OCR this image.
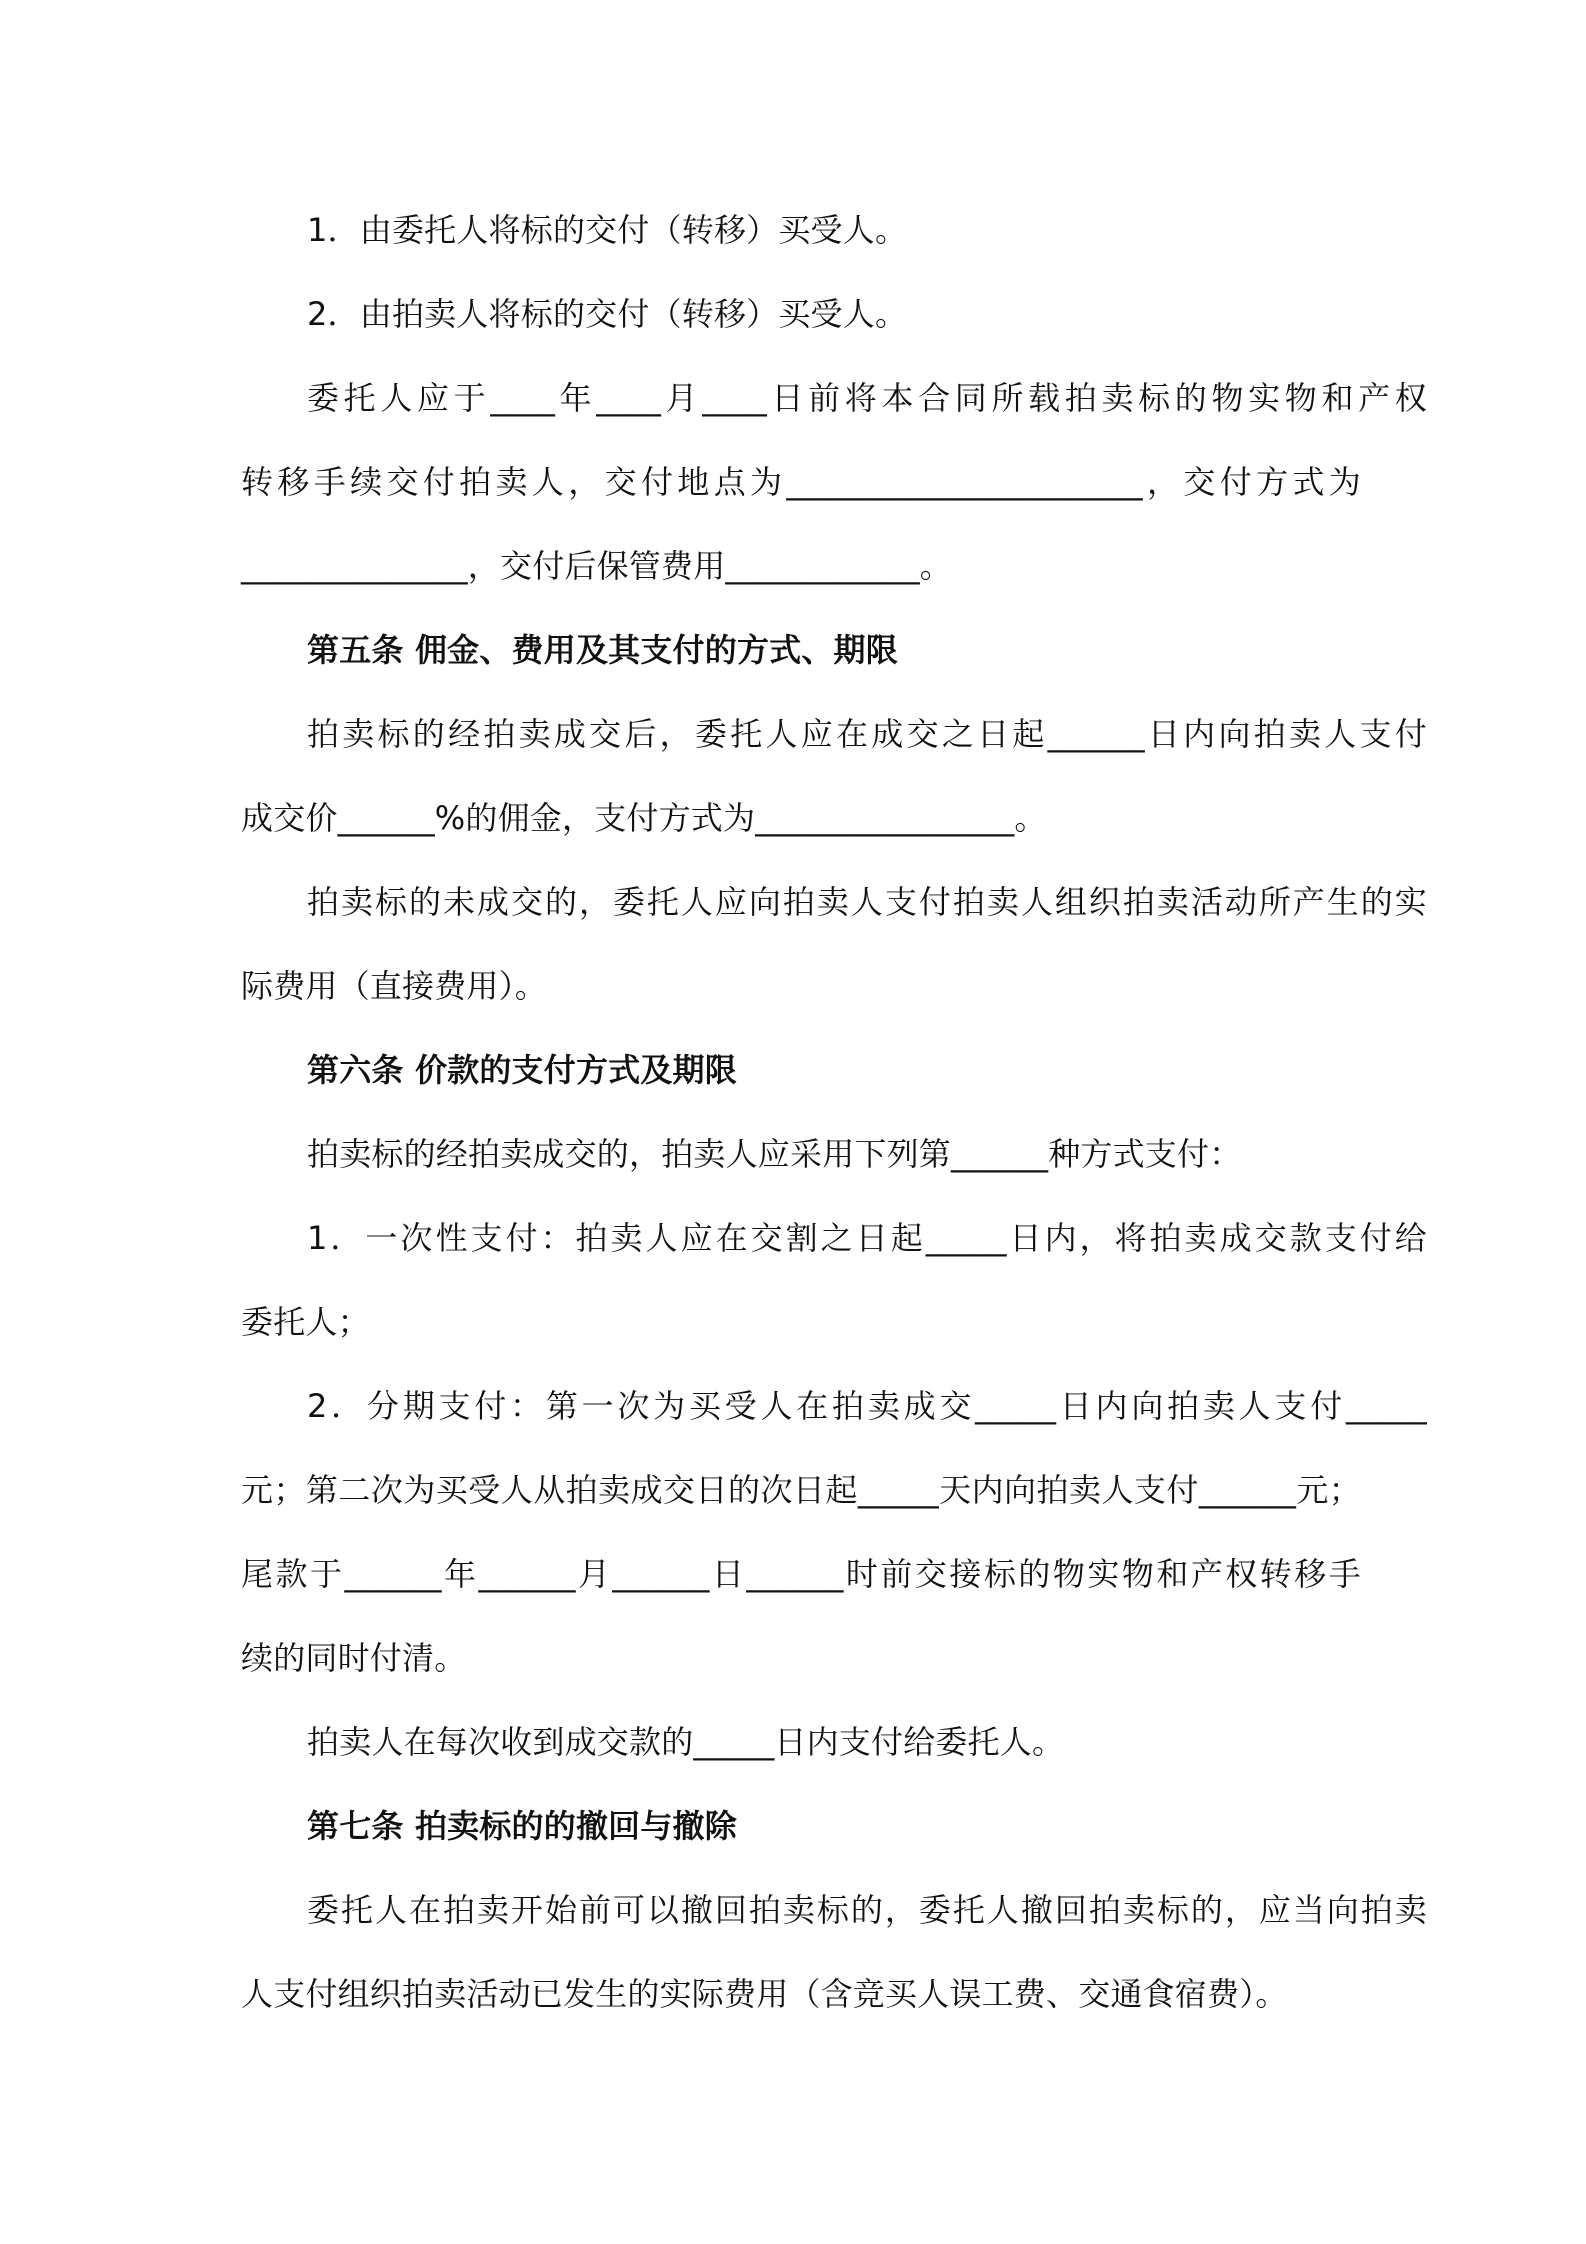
1．由委托人将标的交付（转移）买受人。
2．由拍卖人将标的交付（转移）买受人。
委托人应于____年____月____日前将本合同所载拍卖标的物实物和产权
转移手续交付拍卖人，交付地点为______________________，交付方式为
______________，交付后保管费用____________。
第五条 佣金、费用及其支付的方式、期限
拍卖标的经拍卖成交后，委托人应在成交之日起______日内向拍卖人支付
成交价______%的佣金，支付方式为________________。
拍卖标的未成交的，委托人应向拍卖人支付拍卖人组织拍卖活动所产生的实
际费用（直接费用）。
第六条 价款的支付方式及期限
拍卖标的经拍卖成交的，拍卖人应采用下列第______种方式支付：
1．一次性支付：拍卖人应在交割之日起_____日内，将拍卖成交款支付给
委托人；
2．分期支付：第一次为买受人在拍卖成交_____日内向拍卖人支付_____
元；第二次为买受人从拍卖成交日的次日起_____天内向拍卖人支付______元；
尾款于______年______月______日______时前交接标的物实物和产权转移手
续的同时付清。
拍卖人在每次收到成交款的_____日内支付给委托人。
第七条 拍卖标的的撤回与撤除
委托人在拍卖开始前可以撤回拍卖标的，委托人撤回拍卖标的，应当向拍卖
人支付组织拍卖活动已发生的实际费用（含竞买人误工费、交通食宿费）。
